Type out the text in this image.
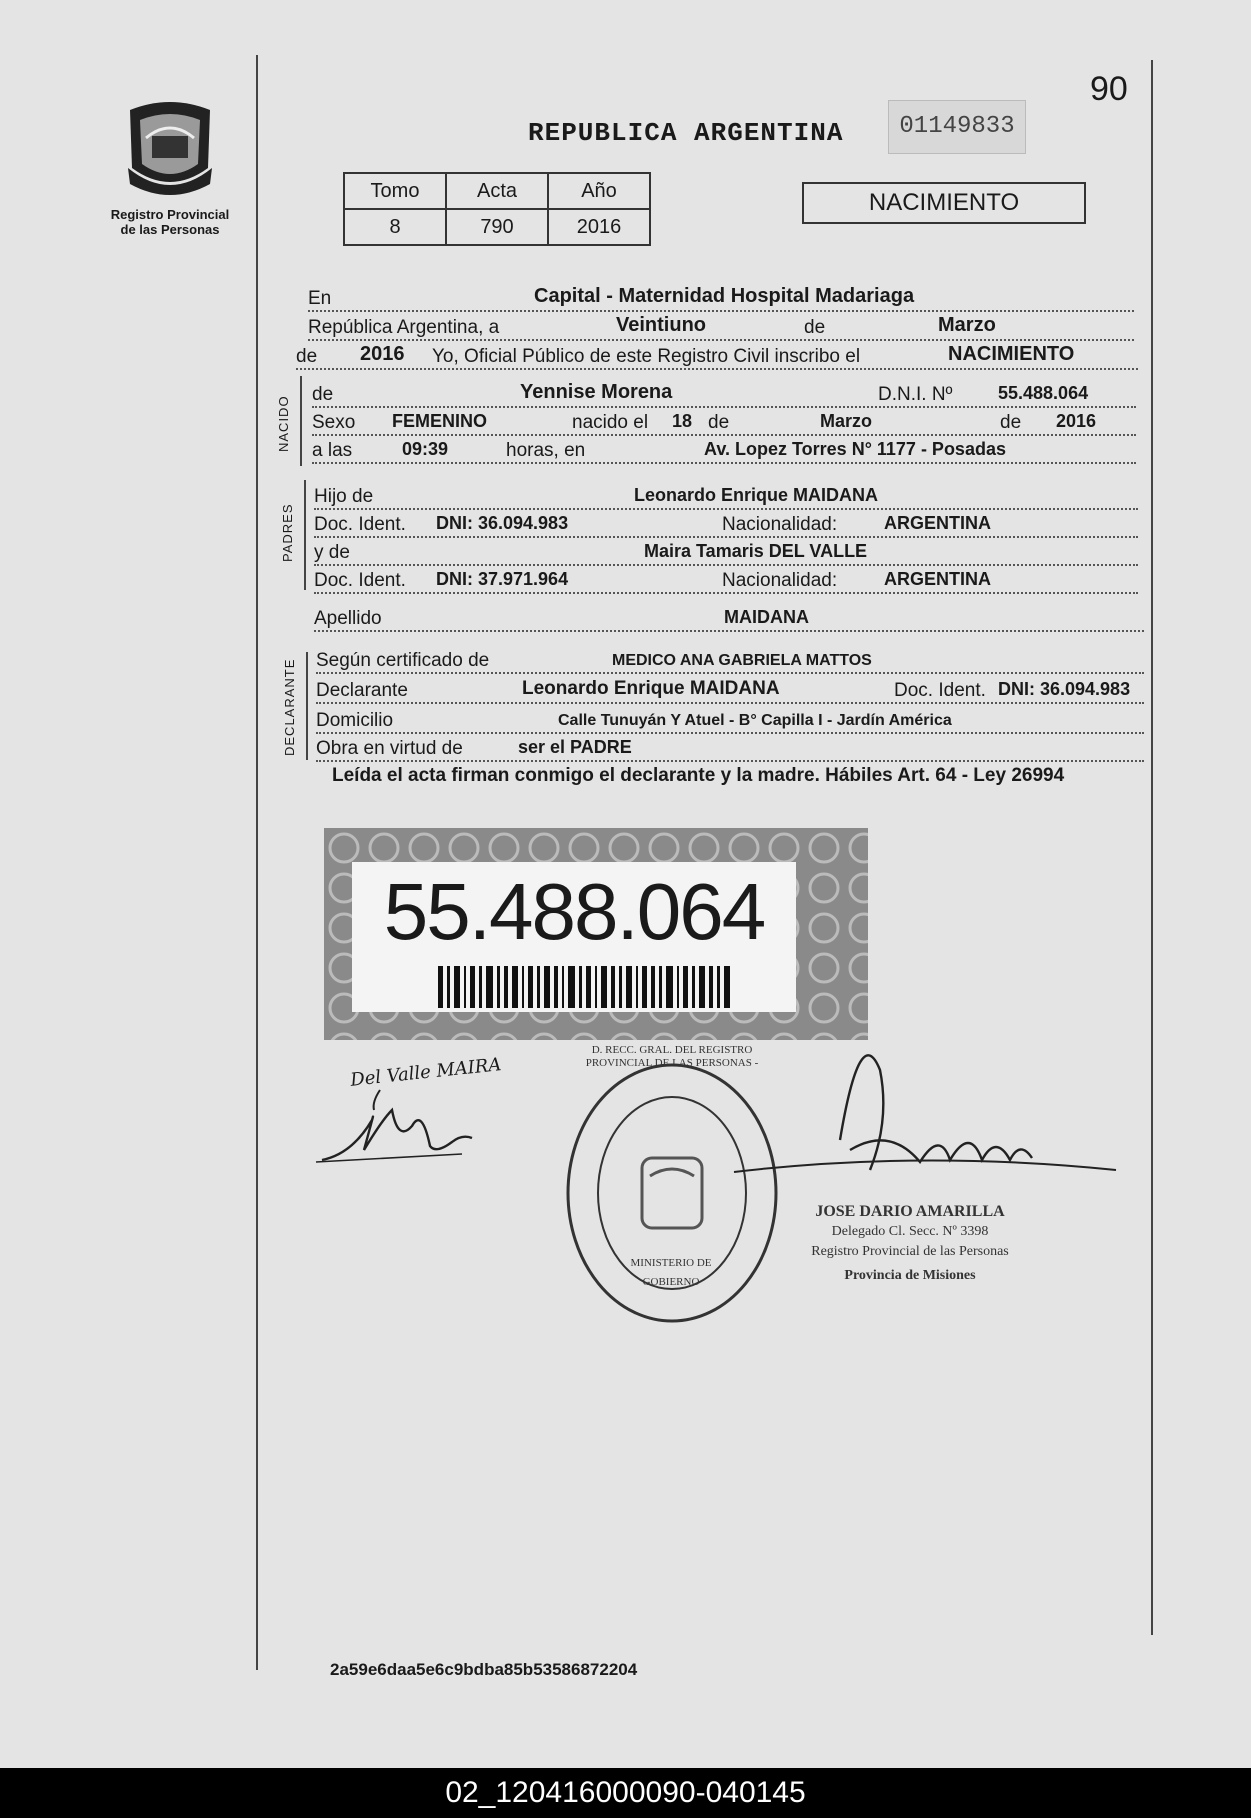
Registro Provincial
de las Personas
90
REPUBLICA ARGENTINA	01149833
Tomo	Acta	Año
8	790	2016
NACIMIENTO
En	Capital - Maternidad Hospital Madariaga
República Argentina, a	Veintiuno	de	Marzo
de 2016 Yo, Oficial Público de este Registro Civil inscribo el	NACIMIENTO
NACIDO
de	Yennise Morena	D.N.I. Nº	55.488.064
Sexo FEMENINO	nacido el 18 de	Marzo	de 2016
a las	09:39	horas, en	Av. Lopez Torres N° 1177 - Posadas
PADRES
Hijo de	Leonardo Enrique MAIDANA
Doc. Ident. DNI: 36.094.983	Nacionalidad:	ARGENTINA
y de	Maira Tamaris DEL VALLE
Doc. Ident. DNI: 37.971.964	Nacionalidad:	ARGENTINA
Apellido	MAIDANA
DECLARANTE Según certificado de	MEDICO ANA GABRIELA MATTOS
Declarante	Leonardo Enrique MAIDANA	Doc. Ident. DNI: 36.094.983
Domicilio	Calle Tunuyán Y Atuel - B° Capilla I - Jardín América
Obra en virtud de	ser el PADRE
Leída el acta firman conmigo el declarante y la madre. Hábiles Art. 64 - Ley 26994
55.488.064
Del Valle MAIRA
D. RECC. GRAL. DEL REGISTRO PROVINCIAL DE LAS PERSONAS -
MINISTERIO DE GOBIERNO
JOSE DARIO AMARILLA
Delegado Cl. Secc. Nº 3398
Registro Provincial de las Personas
Provincia de Misiones
2a59e6daa5e6c9bdba85b53586872204
02_120416000090-040145
